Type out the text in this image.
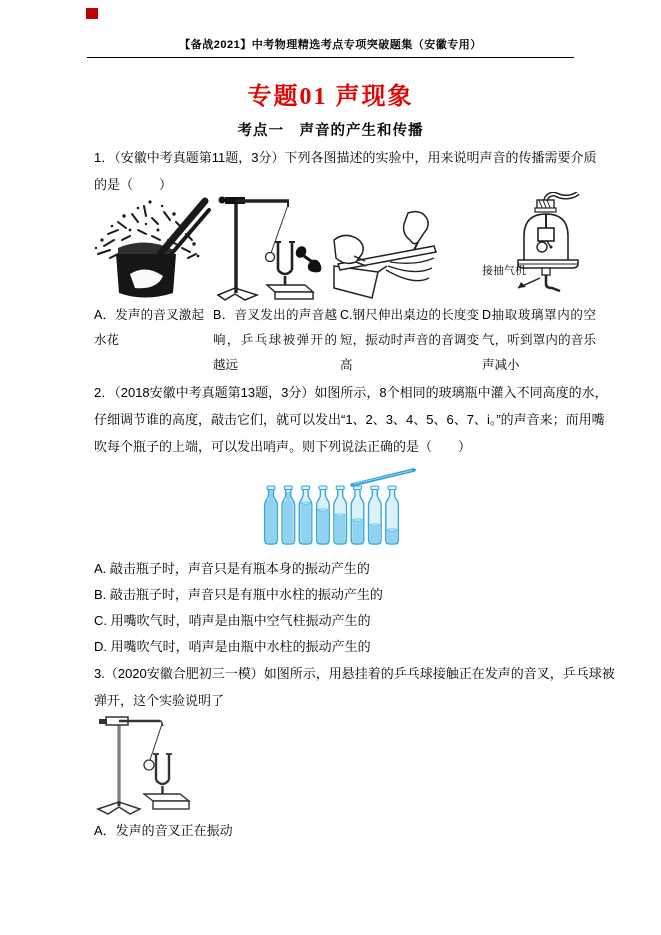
【备战2021】中考物理精选考点专项突破题集（安徽专用）
专题01 声现象
考点一　声音的产生和传播
1．（安徽中考真题第11题，3分）下列各图描述的实验中，用来说明声音的传播需要介质
的是（　　）
接抽气机
A．发声的音叉激起水花
B．音叉发出的声音越响，乒乓球被弹开的越远
C.钢尺伸出桌边的长度变短，振动时声音的音调变高
D抽取玻璃罩内的空气，听到罩内的音乐声减小
2．（2018安徽中考真题第13题，3分）如图所示，8个相同的玻璃瓶中灌入不同高度的水，
仔细调节谁的高度，敲击它们，就可以发出“1、2、3、4、5、6、7、i。”的声音来；而用嘴
吹每个瓶子的上端，可以发出哨声。则下列说法正确的是（　　）
A. 敲击瓶子时，声音只是有瓶本身的振动产生的
B. 敲击瓶子时，声音只是有瓶中水柱的振动产生的
C. 用嘴吹气时，哨声是由瓶中空气柱振动产生的
D. 用嘴吹气时，哨声是由瓶中水柱的振动产生的
3.（2020安徽合肥初三一模）如图所示，用悬挂着的乒乓球接触正在发声的音叉，乒乓球被
弹开，这个实验说明了
A．发声的音叉正在振动
